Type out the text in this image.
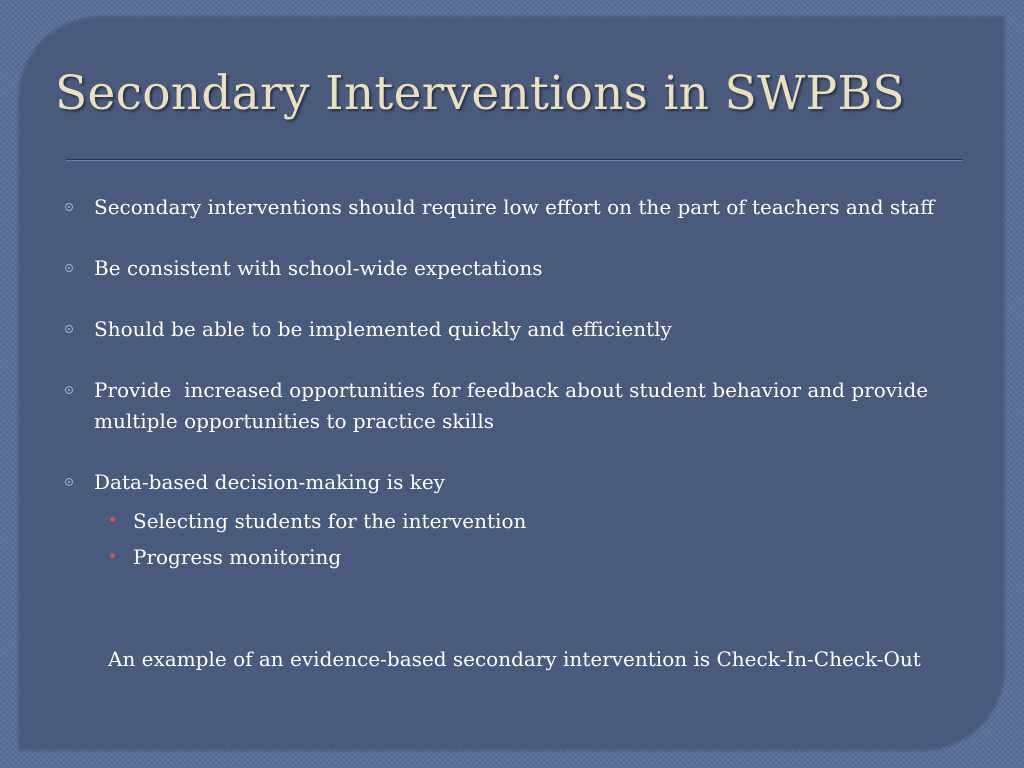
Secondary Interventions in SWPBS
Secondary interventions should require low effort on the part of teachers and staff
Be consistent with school-wide expectations
Should be able to be implemented quickly and efficiently
Provide  increased opportunities for feedback about student behavior and provide multiple opportunities to practice skills
Data-based decision-making is key
Selecting students for the intervention
Progress monitoring
An example of an evidence-based secondary intervention is Check-In-Check-Out
